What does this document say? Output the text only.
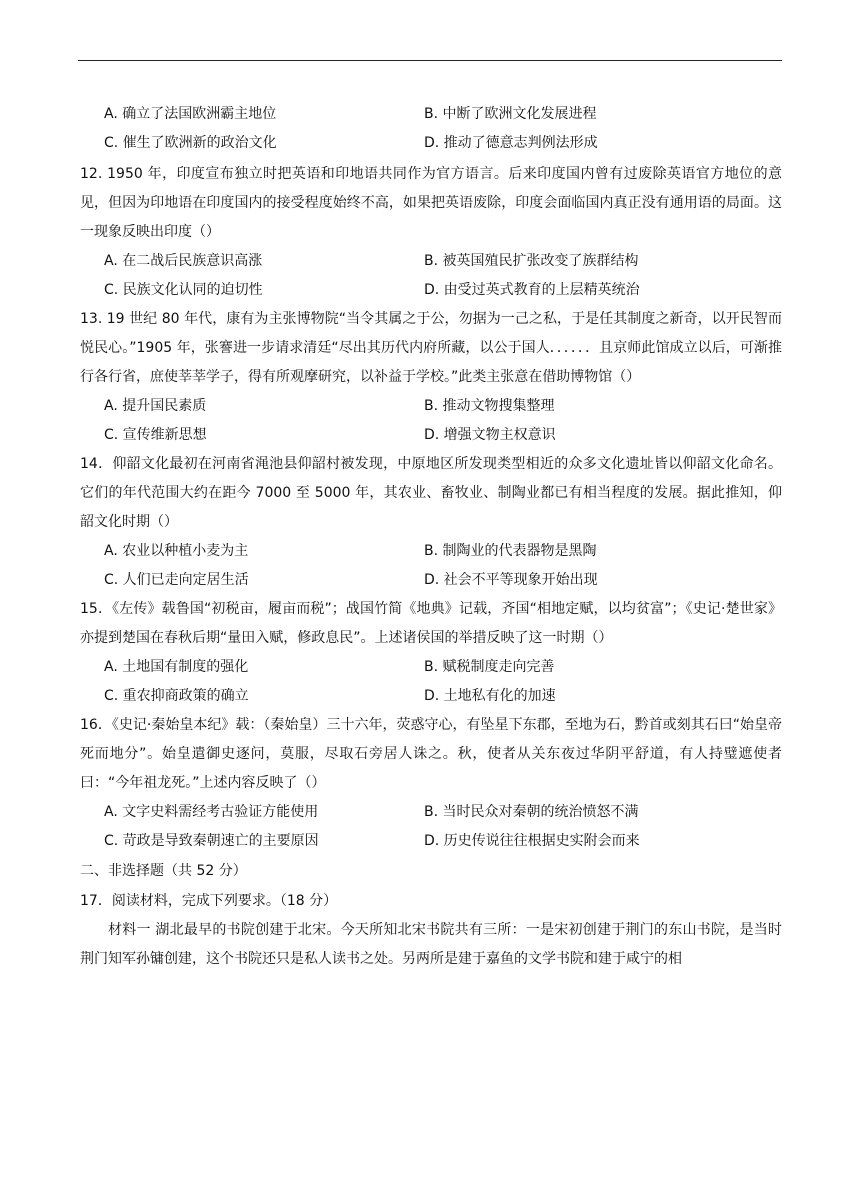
A. 确立了法国欧洲霸主地位	B. 中断了欧洲文化发展进程
C. 催生了欧洲新的政治文化	D. 推动了德意志判例法形成
12. 1950 年，印度宣布独立时把英语和印地语共同作为官方语言。后来印度国内曾有过废除英语官方地位的意见，但因为印地语在印度国内的接受程度始终不高，如果把英语废除，印度会面临国内真正没有通用语的局面。这一现象反映出印度（）
A. 在二战后民族意识高涨	B. 被英国殖民扩张改变了族群结构
C. 民族文化认同的迫切性	D. 由受过英式教育的上层精英统治
13. 19 世纪 80 年代，康有为主张博物院“当令其属之于公，勿据为一己之私，于是任其制度之新奇，以开民智而悦民心。”1905 年，张謇进一步请求清廷“尽出其历代内府所藏，以公于国人．．．．．．且京师此馆成立以后，可渐推行各行省，庶使莘莘学子，得有所观摩研究，以补益于学校。”此类主张意在借助博物馆（）
A. 提升国民素质	B. 推动文物搜集整理
C. 宣传维新思想	D. 增强文物主权意识
14．仰韶文化最初在河南省渑池县仰韶村被发现，中原地区所发现类型相近的众多文化遗址皆以仰韶文化命名。它们的年代范围大约在距今 7000 至 5000 年，其农业、畜牧业、制陶业都已有相当程度的发展。据此推知，仰韶文化时期（）
A. 农业以种植小麦为主	B. 制陶业的代表器物是黑陶
C. 人们已走向定居生活	D. 社会不平等现象开始出现
15．《左传》载鲁国“初税亩，履亩而税”；战国竹简《地典》记载，齐国“相地定赋，以均贫富”；《史记·楚世家》亦提到楚国在春秋后期“量田入赋，修政息民”。上述诸侯国的举措反映了这一时期（）
A. 土地国有制度的强化	B. 赋税制度走向完善
C. 重农抑商政策的确立	D. 土地私有化的加速
16．《史记·秦始皇本纪》载：（秦始皇）三十六年，荧惑守心，有坠星下东郡，至地为石，黔首或刻其石曰“始皇帝死而地分”。始皇遣御史逐问，莫服，尽取石旁居人诛之。秋，使者从关东夜过华阴平舒道，有人持璧遮使者曰：“今年祖龙死。”上述内容反映了（）
A. 文字史料需经考古验证方能使用	B. 当时民众对秦朝的统治愤怒不满
C. 苛政是导致秦朝速亡的主要原因	D. 历史传说往往根据史实附会而来
二、非选择题（共 52 分）
17．阅读材料，完成下列要求。（18 分）
材料一 湖北最早的书院创建于北宋。今天所知北宋书院共有三所：一是宋初创建于荆门的东山书院，是当时荆门知军孙镛创建，这个书院还只是私人读书之处。另两所是建于嘉鱼的文学书院和建于咸宁的相
